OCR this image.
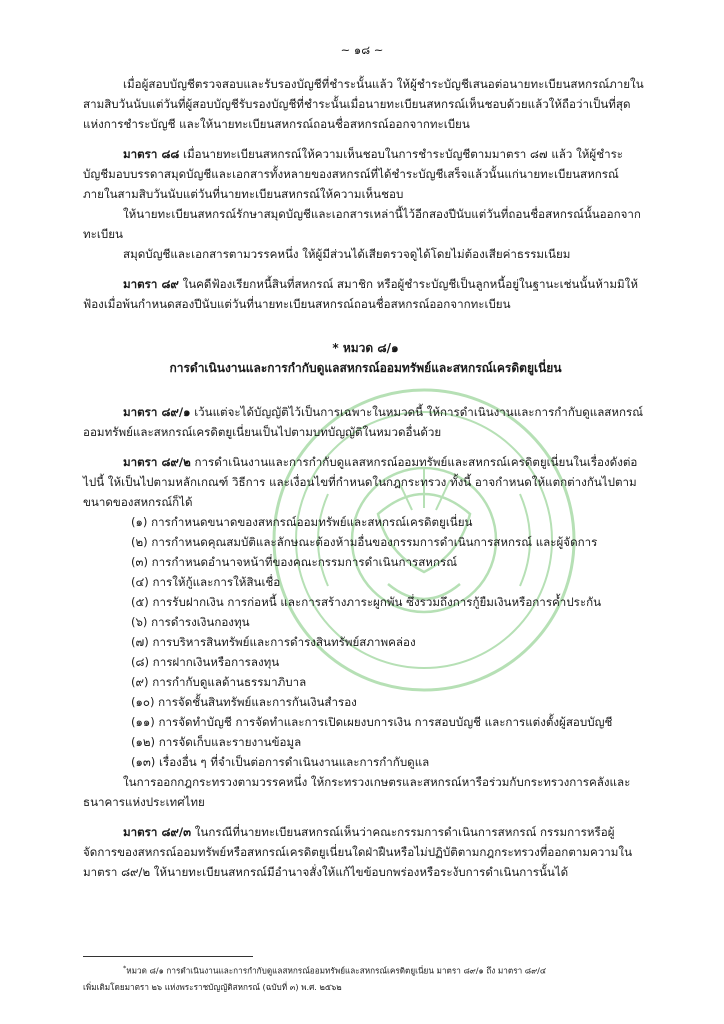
~ ๑๘ ~

เมื่อผู้สอบบัญชีตรวจสอบและรับรองบัญชีที่ชำระนั้นแล้ว ให้ผู้ชำระบัญชีเสนอต่อนายทะเบียนสหกรณ์ภายในสามสิบวันนับแต่วันที่ผู้สอบบัญชีรับรองบัญชีที่ชำระนั้นเมื่อนายทะเบียนสหกรณ์เห็นชอบด้วยแล้วให้ถือว่าเป็นที่สุดแห่งการชำระบัญชี และให้นายทะเบียนสหกรณ์ถอนชื่อสหกรณ์ออกจากทะเบียน

มาตรา ๘๘ เมื่อนายทะเบียนสหกรณ์ให้ความเห็นชอบในการชำระบัญชีตามมาตรา ๘๗ แล้ว ให้ผู้ชำระบัญชีมอบบรรดาสมุดบัญชีและเอกสารทั้งหลายของสหกรณ์ที่ได้ชำระบัญชีเสร็จแล้วนั้นแก่นายทะเบียนสหกรณ์ ภายในสามสิบวันนับแต่วันที่นายทะเบียนสหกรณ์ให้ความเห็นชอบ

ให้นายทะเบียนสหกรณ์รักษาสมุดบัญชีและเอกสารเหล่านี้ไว้อีกสองปีนับแต่วันที่ถอนชื่อสหกรณ์นั้นออกจากทะเบียน

สมุดบัญชีและเอกสารตามวรรคหนึ่ง ให้ผู้มีส่วนได้เสียตรวจดูได้โดยไม่ต้องเสียค่าธรรมเนียม

มาตรา ๘๙ ในคดีฟ้องเรียกหนี้สินที่สหกรณ์ สมาชิก หรือผู้ชำระบัญชีเป็นลูกหนี้อยู่ในฐานะเช่นนั้นห้ามมิให้ฟ้องเมื่อพ้นกำหนดสองปีนับแต่วันที่นายทะเบียนสหกรณ์ถอนชื่อสหกรณ์ออกจากทะเบียน

* หมวด ๘/๑

การดำเนินงานและการกำกับดูแลสหกรณ์ออมทรัพย์และสหกรณ์เครดิตยูเนี่ยน

มาตรา ๘๙/๑ เว้นแต่จะได้บัญญัติไว้เป็นการเฉพาะในหมวดนี้ ให้การดำเนินงานและการกำกับดูแลสหกรณ์ออมทรัพย์และสหกรณ์เครดิตยูเนี่ยนเป็นไปตามบทบัญญัติในหมวดอื่นด้วย

มาตรา ๘๙/๒ การดำเนินงานและการกำกับดูแลสหกรณ์ออมทรัพย์และสหกรณ์เครดิตยูเนี่ยนในเรื่องดังต่อไปนี้ ให้เป็นไปตามหลักเกณฑ์ วิธีการ และเงื่อนไขที่กำหนดในกฎกระทรวง ทั้งนี้ อาจกำหนดให้แตกต่างกันไปตามขนาดของสหกรณ์ก็ได้

(๑) การกำหนดขนาดของสหกรณ์ออมทรัพย์และสหกรณ์เครดิตยูเนี่ยน

(๒) การกำหนดคุณสมบัติและลักษณะต้องห้ามอื่นของกรรมการดำเนินการสหกรณ์ และผู้จัดการ

(๓) การกำหนดอำนาจหน้าที่ของคณะกรรมการดำเนินการสหกรณ์

(๔) การให้กู้และการให้สินเชื่อ

(๕) การรับฝากเงิน การก่อหนี้ และการสร้างภาระผูกพัน ซึ่งรวมถึงการกู้ยืมเงินหรือการค้ำประกัน

(๖) การดำรงเงินกองทุน

(๗) การบริหารสินทรัพย์และการดำรงสินทรัพย์สภาพคล่อง

(๘) การฝากเงินหรือการลงทุน

(๙) การกำกับดูแลด้านธรรมาภิบาล

(๑๐) การจัดชั้นสินทรัพย์และการกันเงินสำรอง

(๑๑) การจัดทำบัญชี การจัดทำและการเปิดเผยงบการเงิน การสอบบัญชี และการแต่งตั้งผู้สอบบัญชี

(๑๒) การจัดเก็บและรายงานข้อมูล

(๑๓) เรื่องอื่น ๆ ที่จำเป็นต่อการดำเนินงานและการกำกับดูแล

ในการออกกฎกระทรวงตามวรรคหนึ่ง ให้กระทรวงเกษตรและสหกรณ์หารือร่วมกับกระทรวงการคลังและธนาคารแห่งประเทศไทย

มาตรา ๘๙/๓ ในกรณีที่นายทะเบียนสหกรณ์เห็นว่าคณะกรรมการดำเนินการสหกรณ์ กรรมการหรือผู้จัดการของสหกรณ์ออมทรัพย์หรือสหกรณ์เครดิตยูเนี่ยนใดฝ่าฝืนหรือไม่ปฏิบัติตามกฎกระทรวงที่ออกตามความในมาตรา ๘๙/๒ ให้นายทะเบียนสหกรณ์มีอำนาจสั่งให้แก้ไขข้อบกพร่องหรือระงับการดำเนินการนั้นได้

*หมวด ๘/๑ การดำเนินงานและการกำกับดูแลสหกรณ์ออมทรัพย์และสหกรณ์เครดิตยูเนี่ยน มาตรา ๘๙/๑ ถึง มาตรา ๘๙/๔

เพิ่มเติมโดยมาตรา ๒๖ แห่งพระราชบัญญัติสหกรณ์ (ฉบับที่ ๓) พ.ศ. ๒๕๖๒
